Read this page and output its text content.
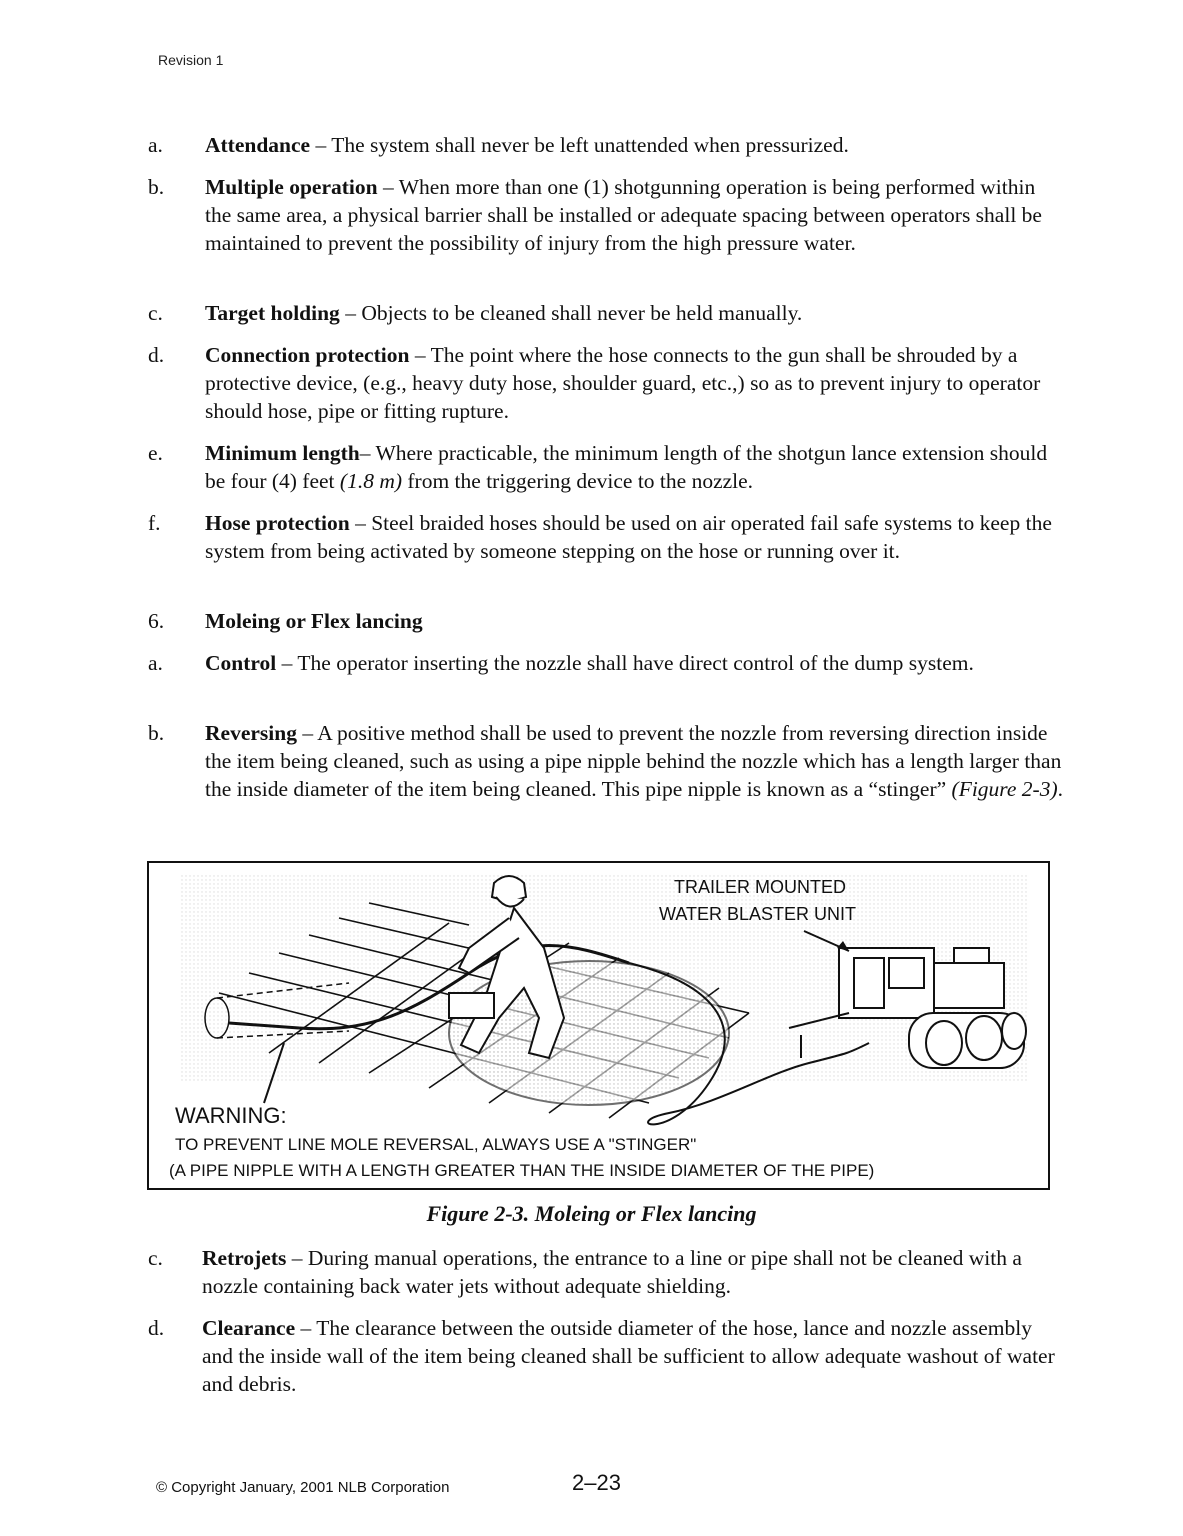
Revision 1
a. Attendance – The system shall never be left unattended when pressurized.
b. Multiple operation – When more than one (1) shotgunning operation is being performed within the same area, a physical barrier shall be installed or adequate spacing between operators shall be maintained to prevent the possibility of injury from the high pressure water.
c. Target holding – Objects to be cleaned shall never be held manually.
d. Connection protection – The point where the hose connects to the gun shall be shrouded by a protective device, (e.g., heavy duty hose, shoulder guard, etc.,) so as to prevent injury to operator should hose, pipe or fitting rupture.
e. Minimum length– Where practicable, the minimum length of the shotgun lance extension should be four (4) feet (1.8 m) from the triggering device to the nozzle.
f. Hose protection – Steel braided hoses should be used on air operated fail safe systems to keep the system from being activated by someone stepping on the hose or running over it.
6. Moleing or Flex lancing
a. Control – The operator inserting the nozzle shall have direct control of the dump system.
b. Reversing – A positive method shall be used to prevent the nozzle from reversing direction inside the item being cleaned, such as using a pipe nipple behind the nozzle which has a length larger than the inside diameter of the item being cleaned. This pipe nipple is known as a “stinger” (Figure 2-3).
TRAILER MOUNTED
WATER BLASTER UNIT
WARNING:
TO PREVENT LINE MOLE REVERSAL, ALWAYS USE A "STINGER"
(A PIPE NIPPLE WITH A LENGTH GREATER THAN THE INSIDE DIAMETER OF THE PIPE)
Figure 2-3. Moleing or Flex lancing
c. Retrojets – During manual operations, the entrance to a line or pipe shall not be cleaned with a nozzle containing back water jets without adequate shielding.
d. Clearance – The clearance between the outside diameter of the hose, lance and nozzle assembly and the inside wall of the item being cleaned shall be sufficient to allow adequate washout of water and debris.
© Copyright January, 2001 NLB Corporation	2–23
